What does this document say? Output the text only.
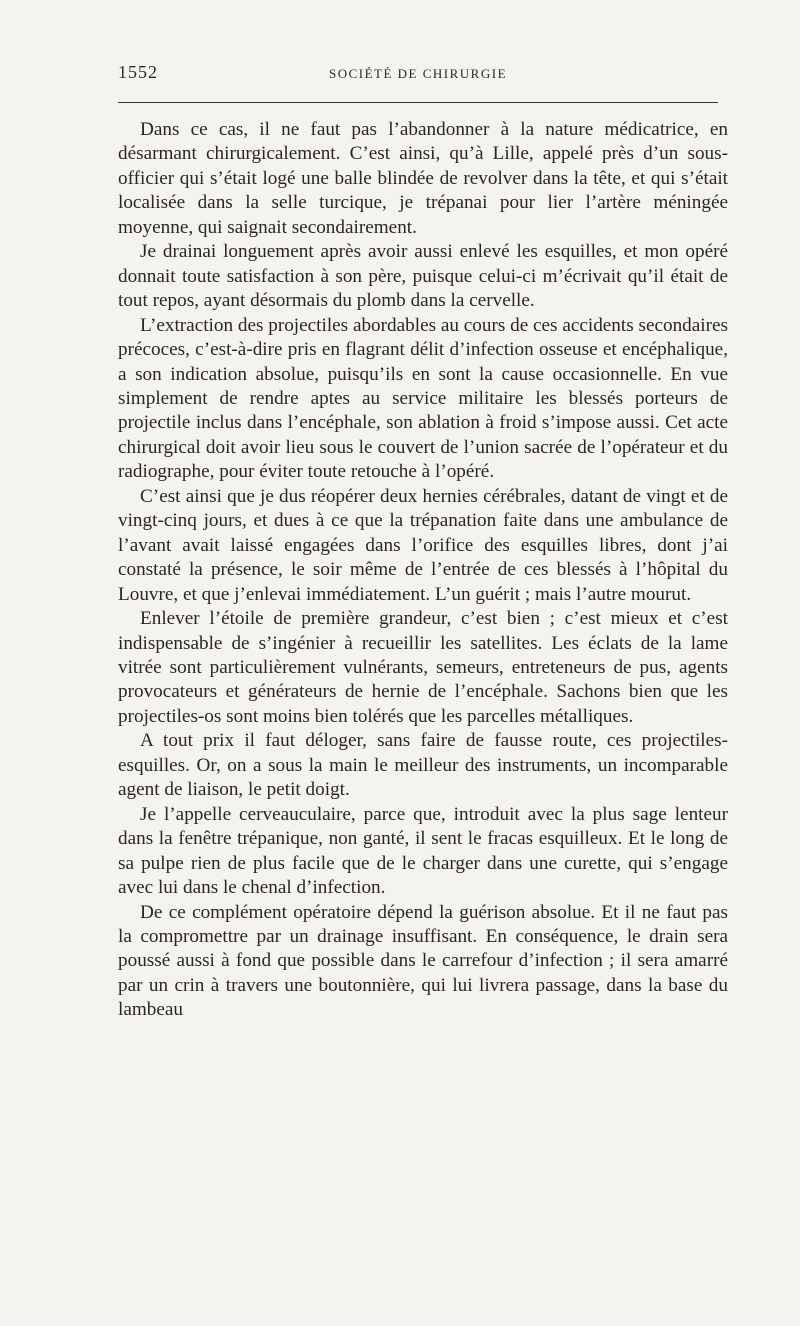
1552	SOCIÉTÉ DE CHIRURGIE

Dans ce cas, il ne faut pas l’abandonner à la nature médicatrice, en désarmant chirurgicalement. C’est ainsi, qu’à Lille, appelé près d’un sous-officier qui s’était logé une balle blindée de revolver dans la tête, et qui s’était localisée dans la selle turcique, je trépanai pour lier l’artère méningée moyenne, qui saignait secondairement.

Je drainai longuement après avoir aussi enlevé les esquilles, et mon opéré donnait toute satisfaction à son père, puisque celui-ci m’écrivait qu’il était de tout repos, ayant désormais du plomb dans la cervelle.

L’extraction des projectiles abordables au cours de ces accidents secondaires précoces, c’est-à-dire pris en flagrant délit d’infection osseuse et encéphalique, a son indication absolue, puisqu’ils en sont la cause occasionnelle. En vue simplement de rendre aptes au service militaire les blessés porteurs de projectile inclus dans l’encéphale, son ablation à froid s’impose aussi. Cet acte chirurgical doit avoir lieu sous le couvert de l’union sacrée de l’opérateur et du radiographe, pour éviter toute retouche à l’opéré.

C’est ainsi que je dus réopérer deux hernies cérébrales, datant de vingt et de vingt-cinq jours, et dues à ce que la trépanation faite dans une ambulance de l’avant avait laissé engagées dans l’orifice des esquilles libres, dont j’ai constaté la présence, le soir même de l’entrée de ces blessés à l’hôpital du Louvre, et que j’enlevai immédiatement. L’un guérit ; mais l’autre mourut.

Enlever l’étoile de première grandeur, c’est bien ; c’est mieux et c’est indispensable de s’ingénier à recueillir les satellites. Les éclats de la lame vitrée sont particulièrement vulnérants, semeurs, entreteneurs de pus, agents provocateurs et générateurs de hernie de l’encéphale. Sachons bien que les projectiles-os sont moins bien tolérés que les parcelles métalliques.

A tout prix il faut déloger, sans faire de fausse route, ces projectiles-esquilles. Or, on a sous la main le meilleur des instruments, un incomparable agent de liaison, le petit doigt.

Je l’appelle cerveauculaire, parce que, introduit avec la plus sage lenteur dans la fenêtre trépanique, non ganté, il sent le fracas esquilleux. Et le long de sa pulpe rien de plus facile que de le charger dans une curette, qui s’engage avec lui dans le chenal d’infection.

De ce complément opératoire dépend la guérison absolue. Et il ne faut pas la compromettre par un drainage insuffisant. En conséquence, le drain sera poussé aussi à fond que possible dans le carrefour d’infection ; il sera amarré par un crin à travers une boutonnière, qui lui livrera passage, dans la base du lambeau
